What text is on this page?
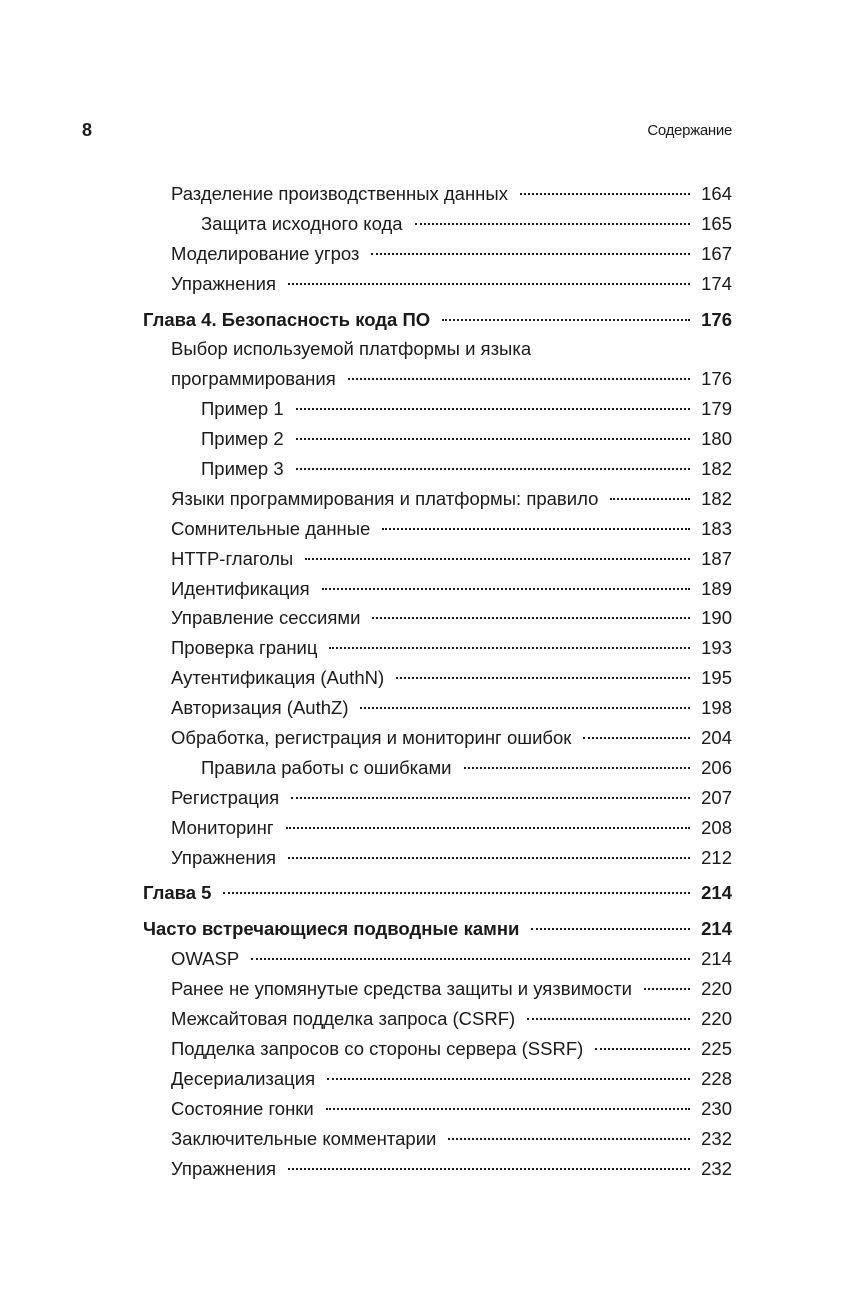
8	Содержание
Разделение производственных данных	164
Защита исходного кода	165
Моделирование угроз	167
Упражнения	174
Глава 4. Безопасность кода ПО	176
Выбор используемой платформы и языка
программирования	176
Пример 1	179
Пример 2	180
Пример 3	182
Языки программирования и платформы: правило	182
Сомнительные данные	183
HTTP-глаголы	187
Идентификация	189
Управление сессиями	190
Проверка границ	193
Аутентификация (AuthN)	195
Авторизация (AuthZ)	198
Обработка, регистрация и мониторинг ошибок	204
Правила работы с ошибками	206
Регистрация	207
Мониторинг	208
Упражнения	212
Глава 5	214
Часто встречающиеся подводные камни	214
OWASP	214
Ранее не упомянутые средства защиты и уязвимости	220
Межсайтовая подделка запроса (CSRF)	220
Подделка запросов со стороны сервера (SSRF)	225
Десериализация	228
Состояние гонки	230
Заключительные комментарии	232
Упражнения	232
